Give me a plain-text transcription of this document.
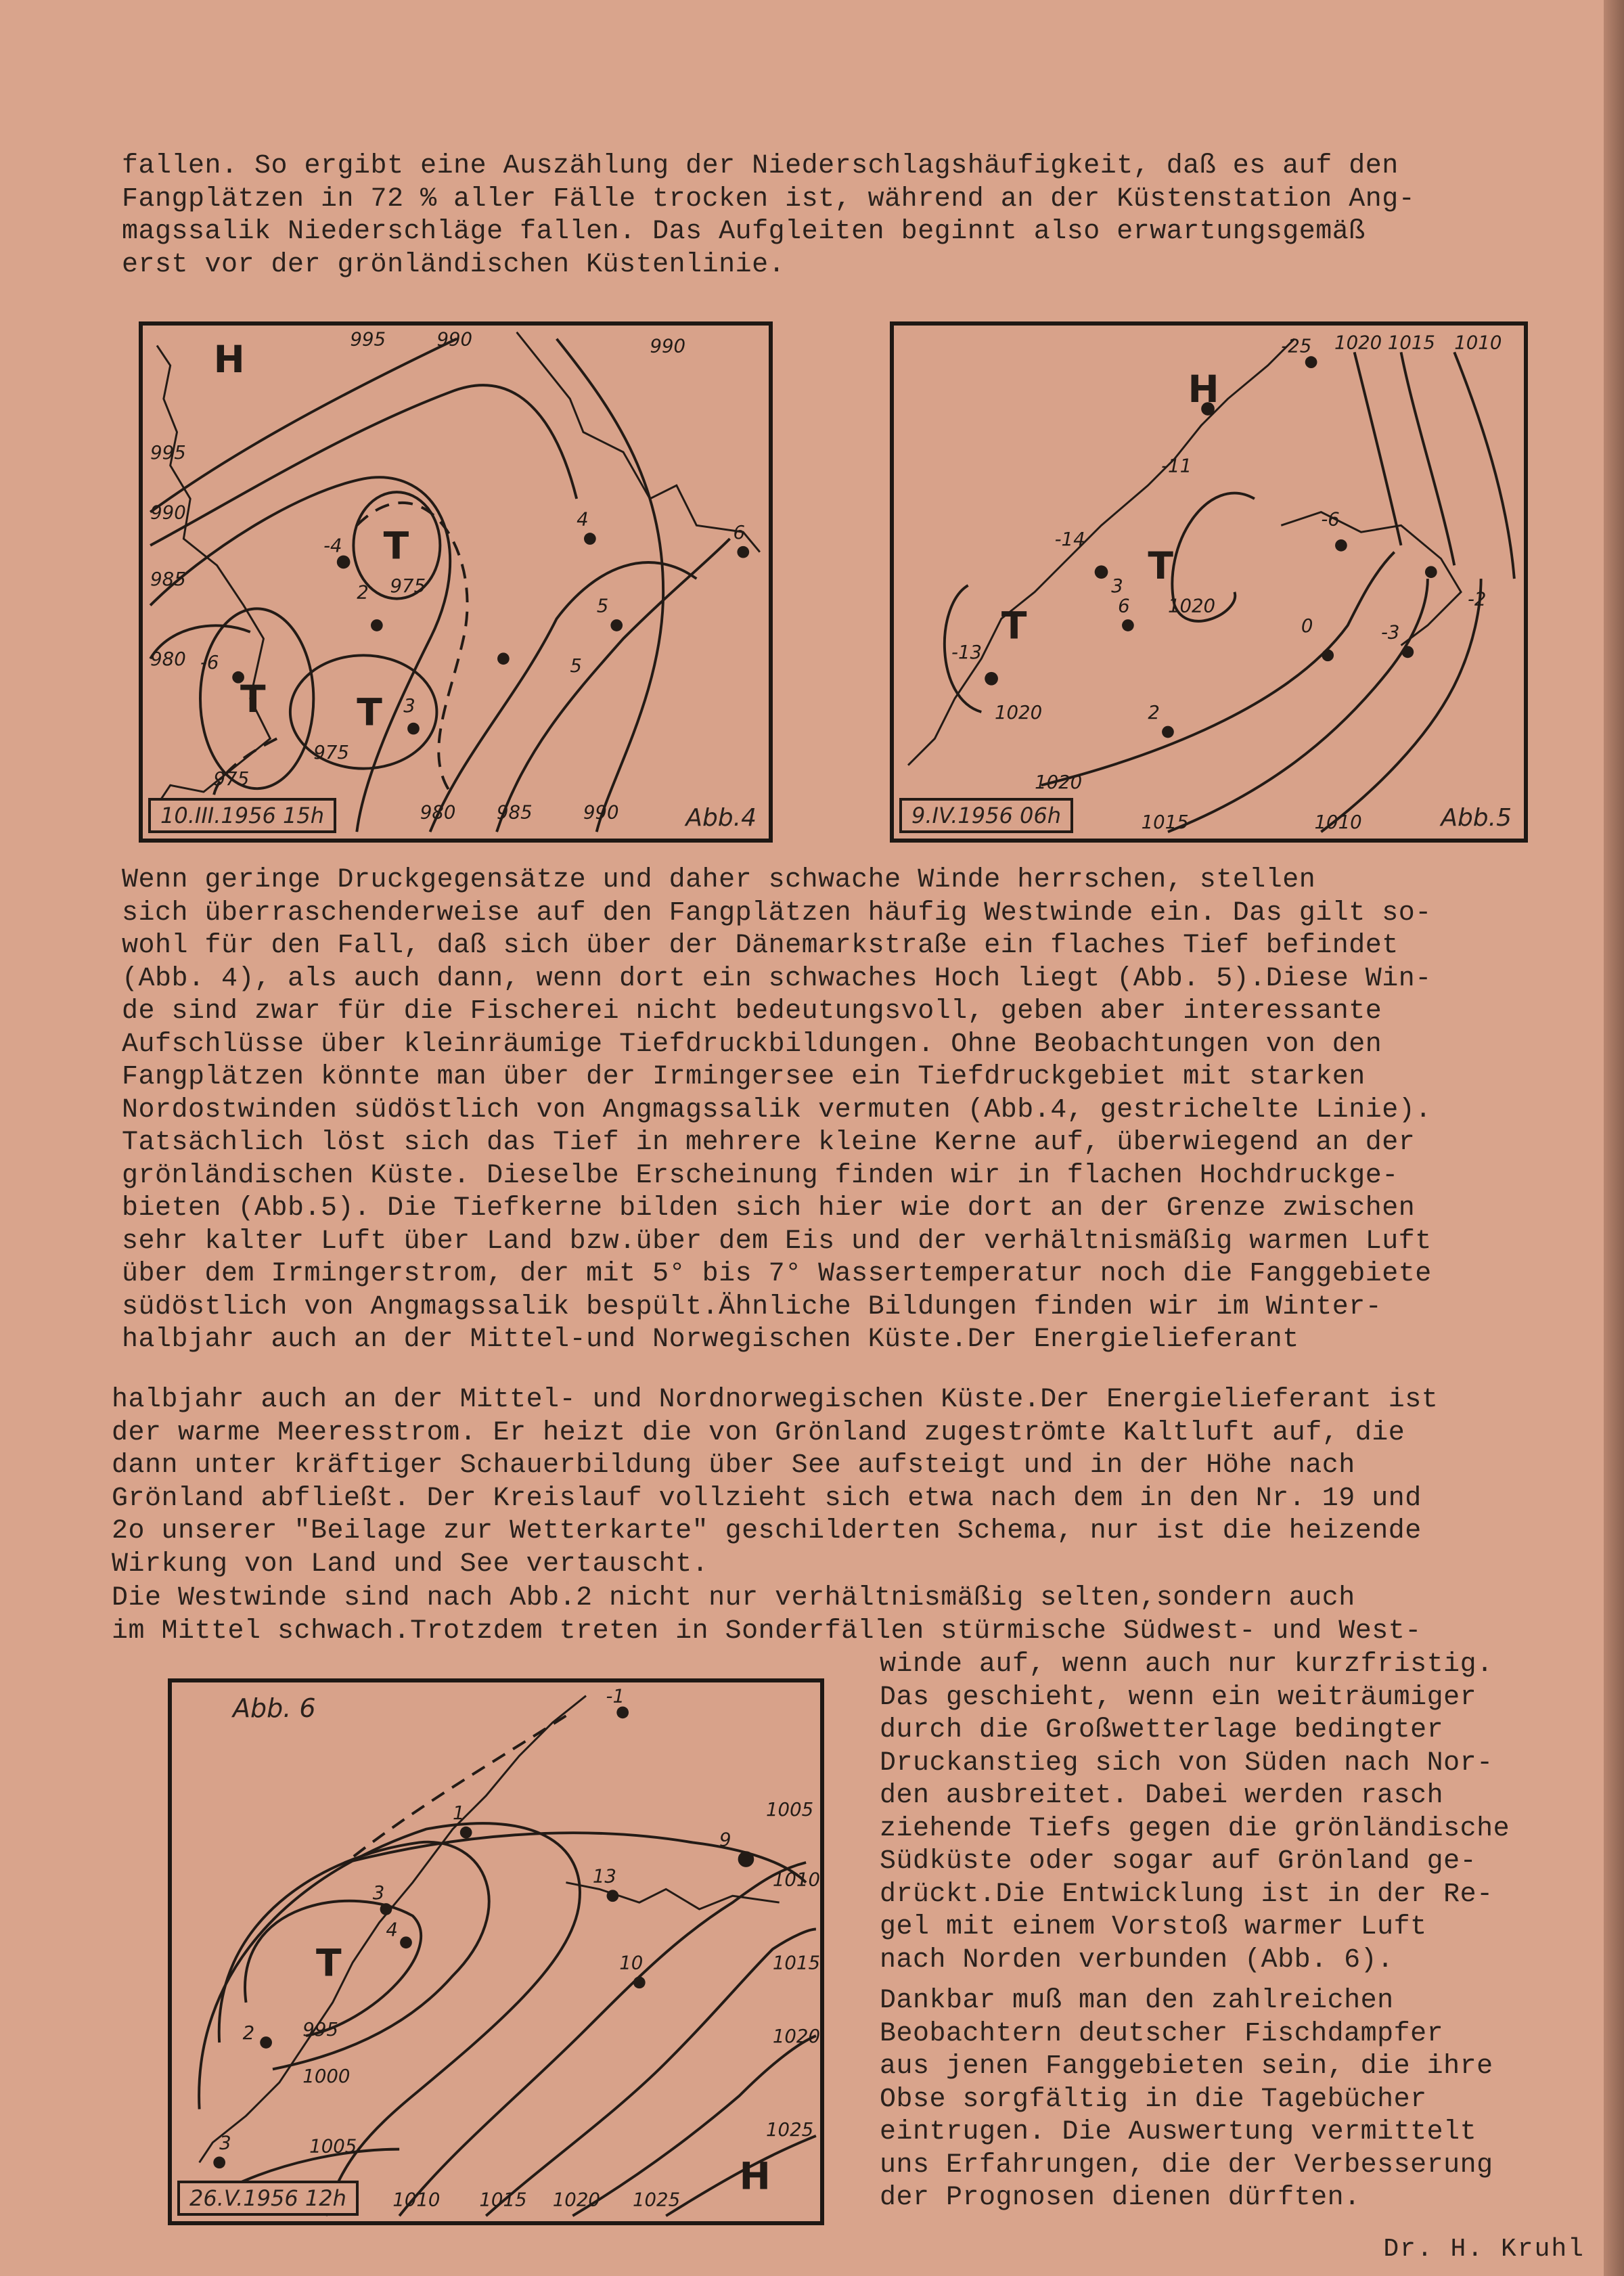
fallen. So ergibt eine Auszählung der Niederschlagshäufigkeit, daß es auf den
Fangplätzen in 72 % aller Fälle trocken ist, während an der Küstenstation Ang-
magssalik Niederschläge fallen. Das Aufgleiten beginnt also erwartungsgemäß
erst vor der grönländischen Küstenlinie.
H
T
T T
995	990	990
995
990
985
980
975
975
975
980 985	990
-4
2
-6
3
4
5
5
6
10.III.1956 15h	Abb.4
H
T
T
1020 1015 1010
1020
1020
1020
1015	1010
-25
-11
-14
3
6
-13
-6
0	-3
-2
2
9.IV.1956 06h	Abb.5
Wenn geringe Druckgegensätze und daher schwache Winde herrschen, stellen
sich überraschenderweise auf den Fangplätzen häufig Westwinde ein. Das gilt so-
wohl für den Fall, daß sich über der Dänemarkstraße ein flaches Tief befindet
(Abb. 4), als auch dann, wenn dort ein schwaches Hoch liegt (Abb. 5).Diese Win-
de sind zwar für die Fischerei nicht bedeutungsvoll, geben aber interessante
Aufschlüsse über kleinräumige Tiefdruckbildungen. Ohne Beobachtungen von den
Fangplätzen könnte man über der Irmingersee ein Tiefdruckgebiet mit starken
Nordostwinden südöstlich von Angmagssalik vermuten (Abb.4, gestrichelte Linie).
Tatsächlich löst sich das Tief in mehrere kleine Kerne auf, überwiegend an der
grönländischen Küste. Dieselbe Erscheinung finden wir in flachen Hochdruckge-
bieten (Abb.5). Die Tiefkerne bilden sich hier wie dort an der Grenze zwischen
sehr kalter Luft über Land bzw.über dem Eis und der verhältnismäßig warmen Luft
über dem Irmingerstrom, der mit 5° bis 7° Wassertemperatur noch die Fanggebiete
südöstlich von Angmagssalik bespült.Ähnliche Bildungen finden wir im Winter-
halbjahr auch an der Mittel-und Norwegischen Küste.Der Energielieferant
halbjahr auch an der Mittel- und Nordnorwegischen Küste.Der Energielieferant ist
der warme Meeresstrom. Er heizt die von Grönland zugeströmte Kaltluft auf, die
dann unter kräftiger Schauerbildung über See aufsteigt und in der Höhe nach
Grönland abfließt. Der Kreislauf vollzieht sich etwa nach dem in den Nr. 19 und
2o unserer "Beilage zur Wetterkarte" geschilderten Schema, nur ist die heizende
Wirkung von Land und See vertauscht.
Die Westwinde sind nach Abb.2 nicht nur verhältnismäßig selten,sondern auch
im Mittel schwach.Trotzdem treten in Sonderfällen stürmische Südwest- und West-
T
H
1005
1010
1015
1020
1025
995
1000
1005
1010 1015 1020 1025
-1
1
9
3
4
13
10
2
3
Abb. 6
26.V.1956 12h
winde auf, wenn auch nur kurzfristig.
Das geschieht, wenn ein weiträumiger
durch die Großwetterlage bedingter
Druckanstieg sich von Süden nach Nor-
den ausbreitet. Dabei werden rasch
ziehende Tiefs gegen die grönländische
Südküste oder sogar auf Grönland ge-
drückt.Die Entwicklung ist in der Re-
gel mit einem Vorstoß warmer Luft
nach Norden verbunden (Abb. 6).
Dankbar muß man den zahlreichen
Beobachtern deutscher Fischdampfer
aus jenen Fanggebieten sein, die ihre
Obse sorgfältig in die Tagebücher
eintrugen. Die Auswertung vermittelt
uns Erfahrungen, die der Verbesserung
der Prognosen dienen dürften.
Dr. H. Kruhl
